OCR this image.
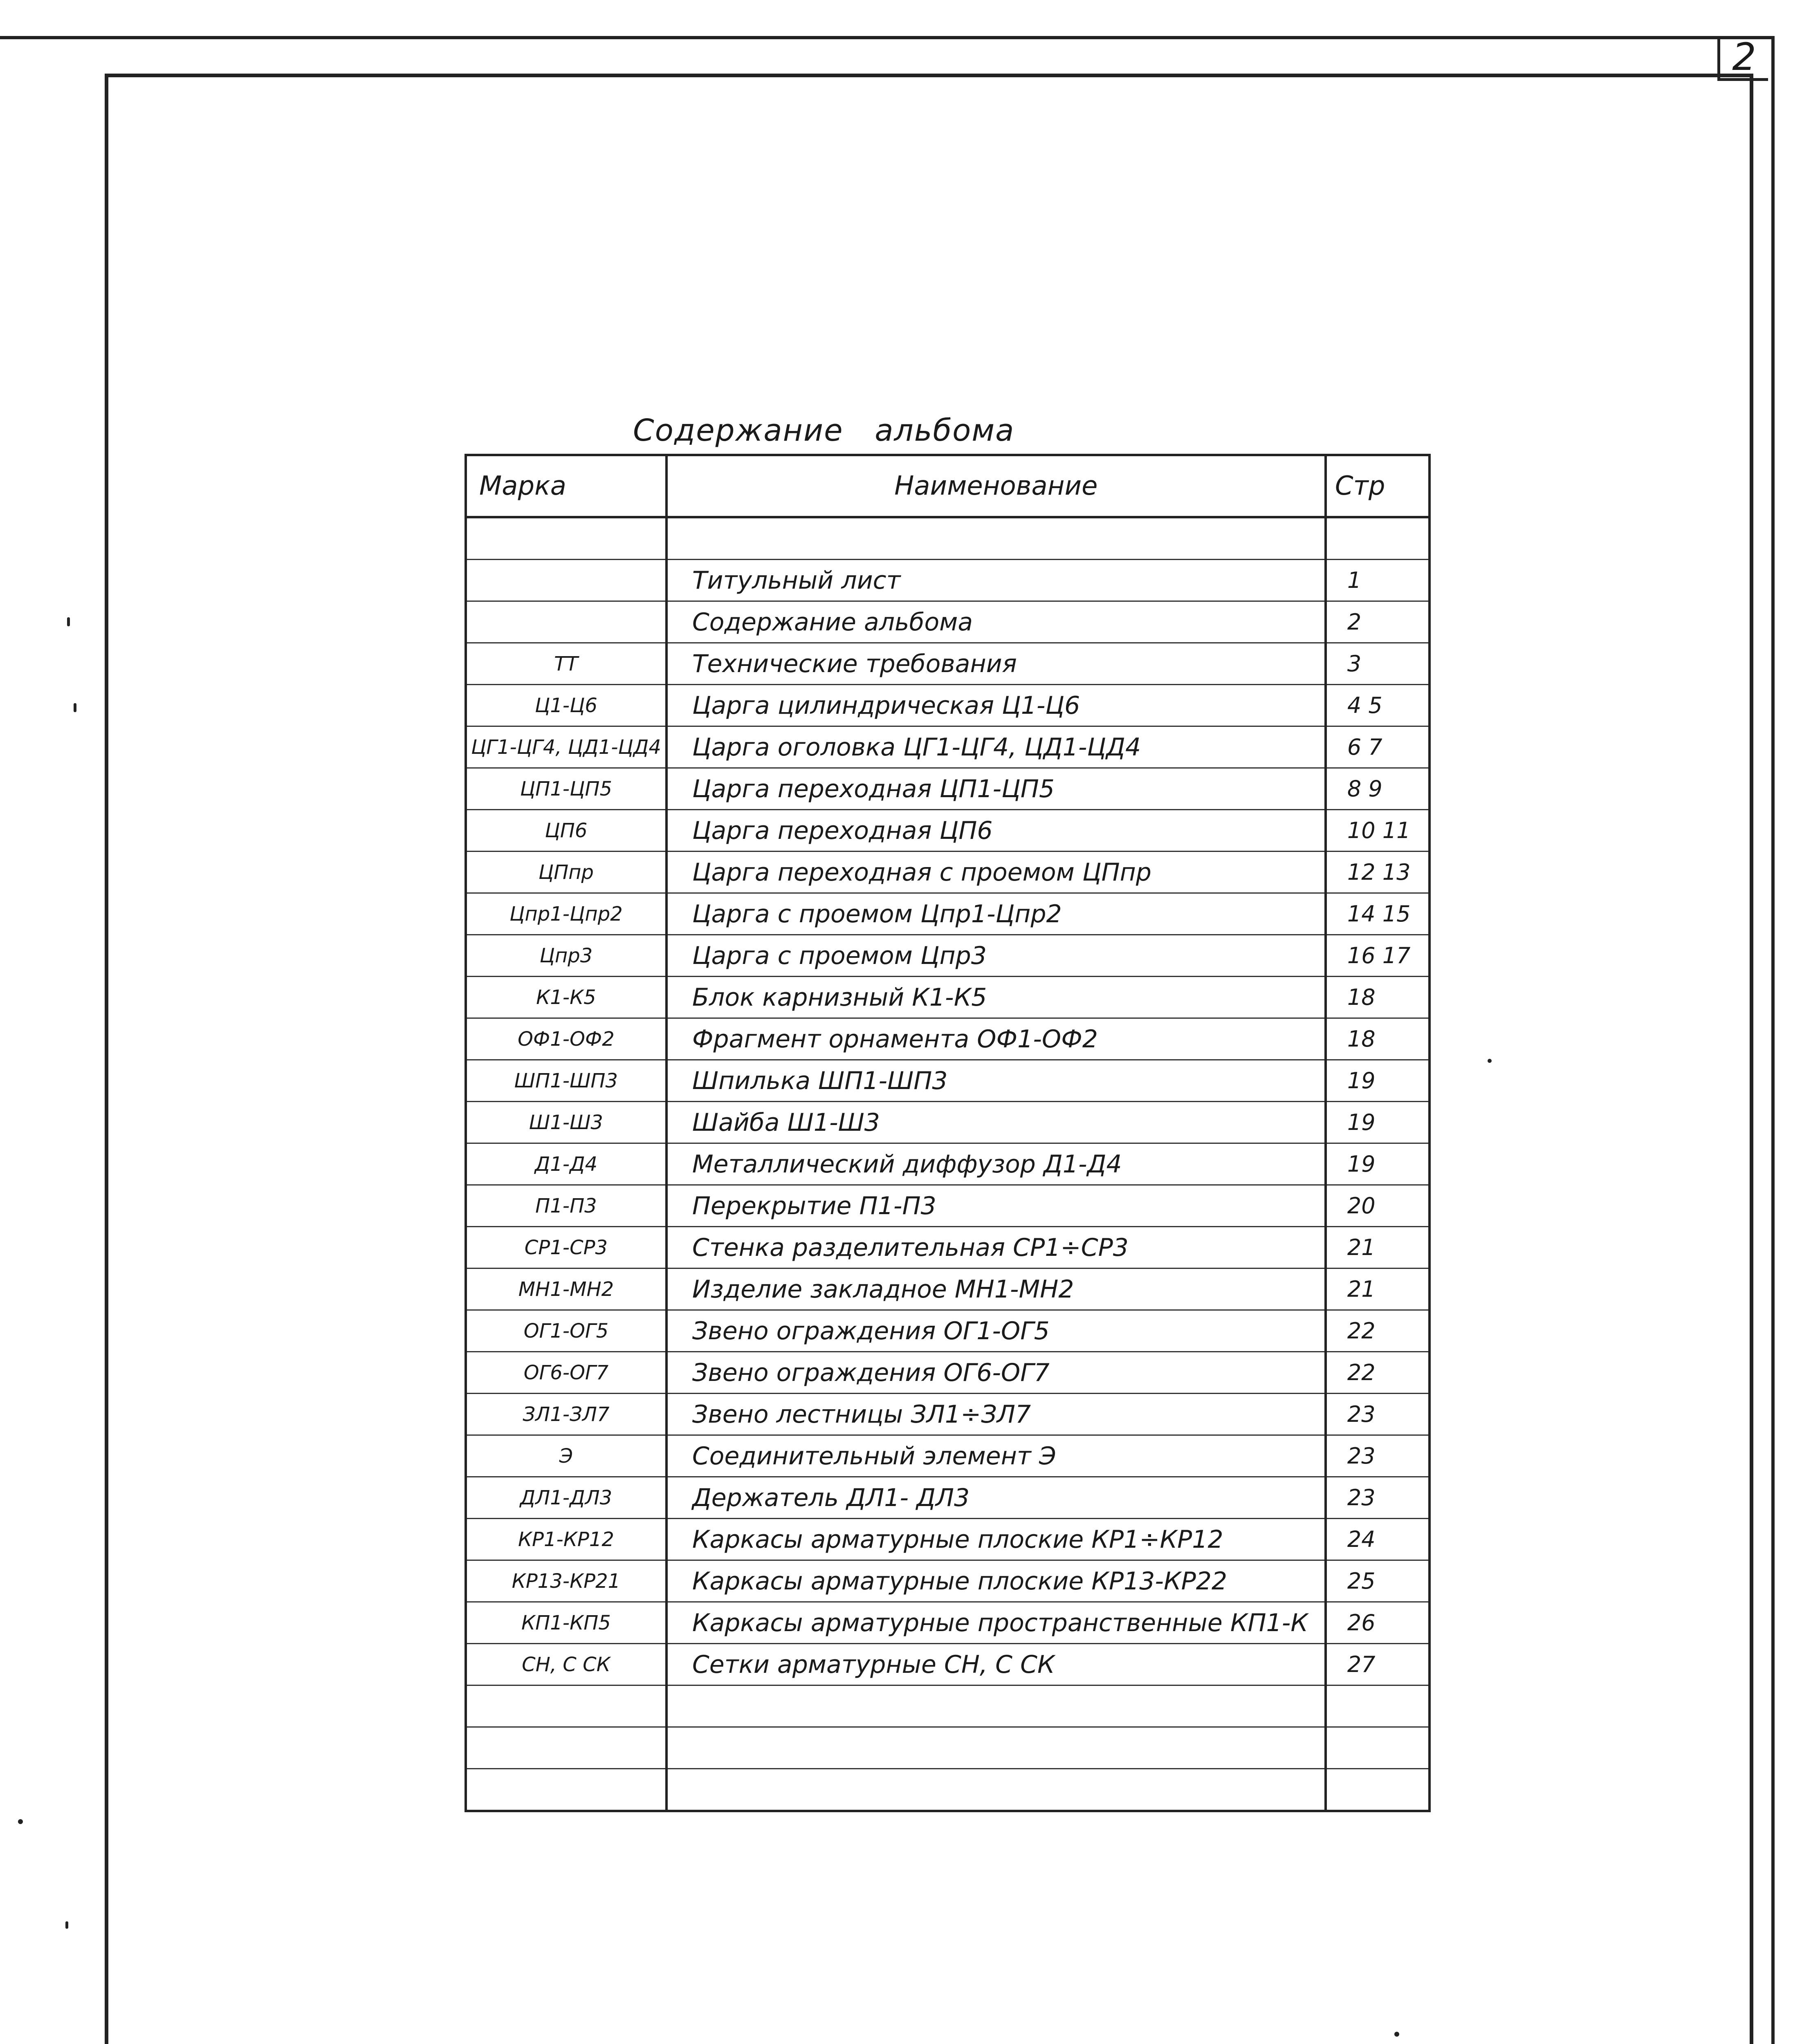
2
Содержание   альбома
Марка	Наименование	Стр

	Титульный лист	1
	Содержание альбома	2
ТТ	Технические требования	3
Ц1-Ц6	Царга цилиндрическая Ц1-Ц6	4 5
ЦГ1-ЦГ4, ЦД1-ЦД4	Царга оголовка ЦГ1-ЦГ4, ЦД1-ЦД4	6 7
ЦП1-ЦП5	Царга переходная ЦП1-ЦП5	8 9
ЦП6	Царга переходная ЦП6	10 11
ЦПпр	Царга переходная с проемом ЦПпр	12 13
Цпр1-Цпр2	Царга с проемом Цпр1-Цпр2	14 15
Цпр3	Царга с проемом Цпр3	16 17
К1-К5	Блок карнизный К1-К5	18
ОФ1-ОФ2	Фрагмент орнамента ОФ1-ОФ2	18
ШП1-ШП3	Шпилька ШП1-ШП3	19
Ш1-Ш3	Шайба Ш1-Ш3	19
Д1-Д4	Металлический диффузор Д1-Д4	19
П1-П3	Перекрытие П1-П3	20
СР1-СР3	Стенка разделительная СР1÷СР3	21
МН1-МН2	Изделие закладное МН1-МН2	21
ОГ1-ОГ5	Звено ограждения ОГ1-ОГ5	22
ОГ6-ОГ7	Звено ограждения ОГ6-ОГ7	22
ЗЛ1-ЗЛ7	Звено лестницы ЗЛ1÷ЗЛ7	23
Э	Соединительный элемент Э	23
ДЛ1-ДЛ3	Держатель ДЛ1- ДЛ3	23
КР1-КР12	Каркасы арматурные плоские КР1÷КР12	24
КР13-КР21	Каркасы арматурные плоские КР13-КР22	25
КП1-КП5	Каркасы арматурные пространственные КП1-К	26
СН, С СК	Сетки арматурные СН, С СК	27
